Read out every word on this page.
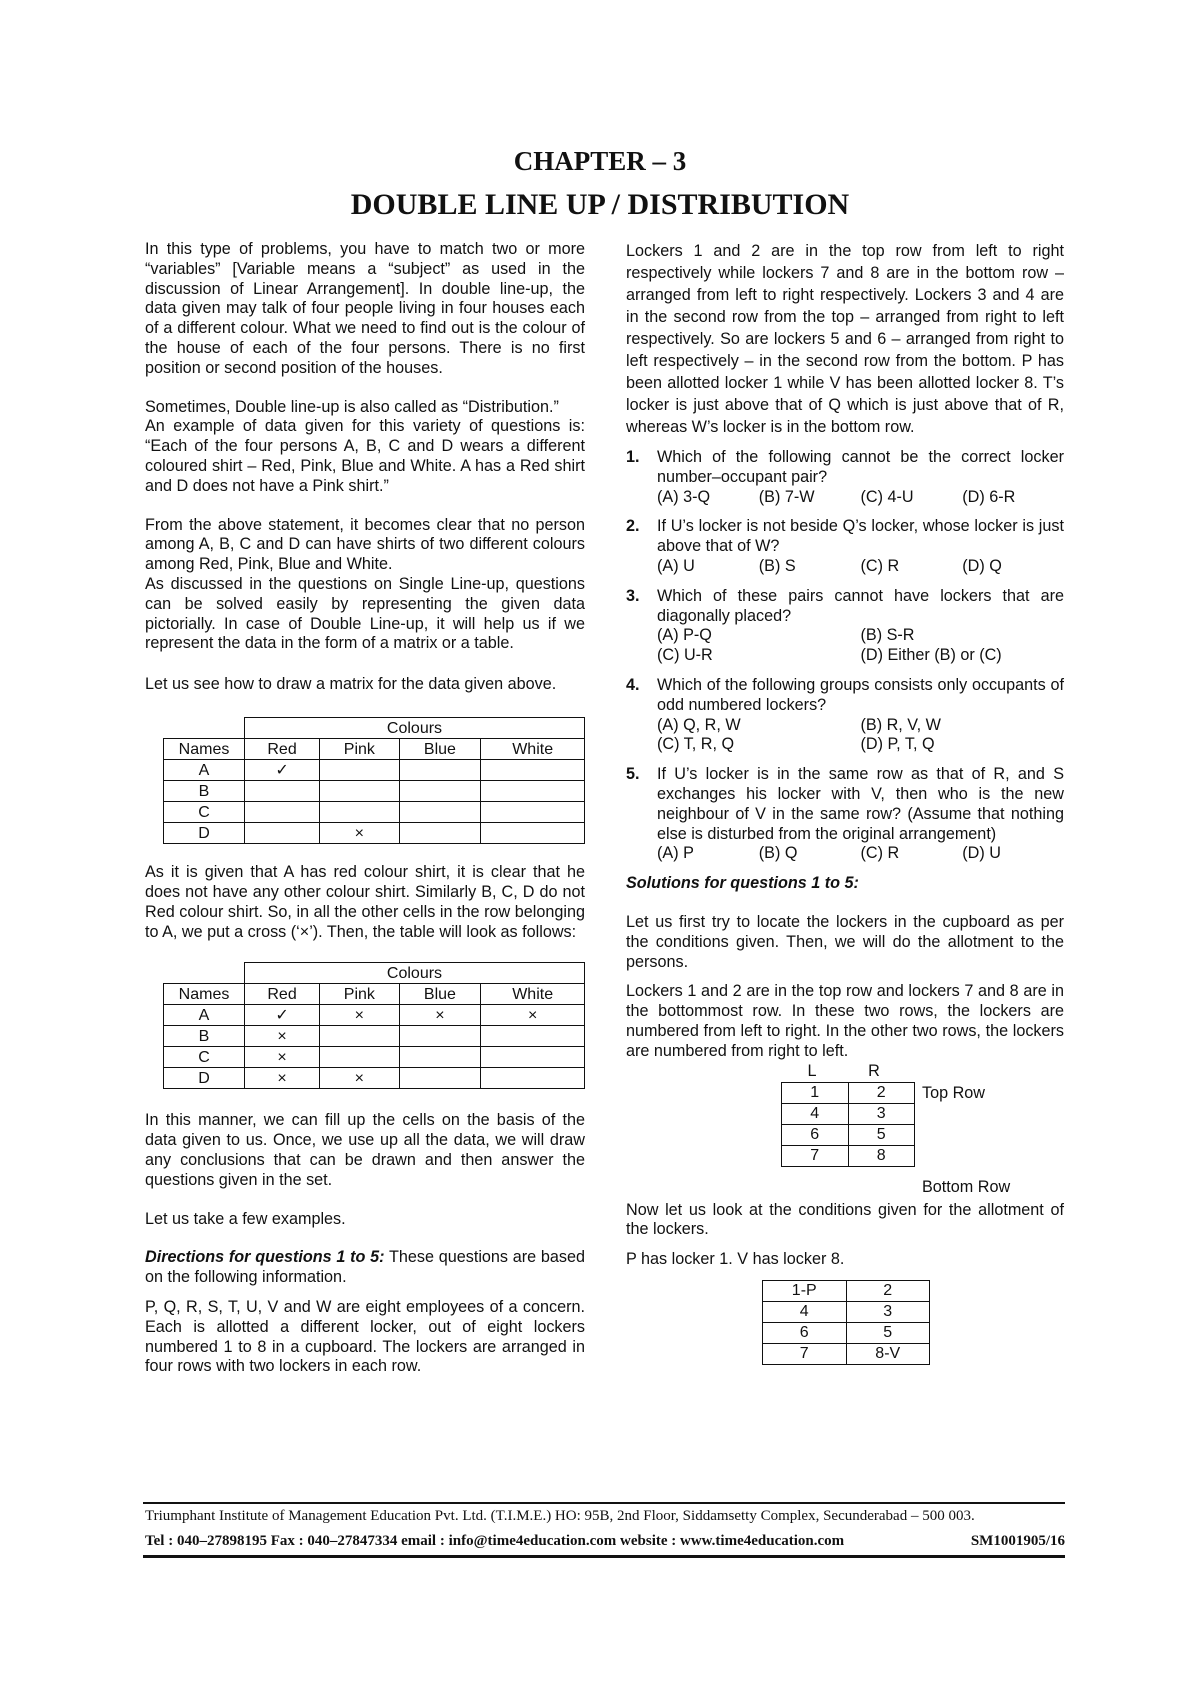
CHAPTER – 3
DOUBLE LINE UP / DISTRIBUTION

In this type of problems, you have to match two or more “variables” [Variable means a “subject” as used in the discussion of Linear Arrangement]. In double line-up, the data given may talk of four people living in four houses each of a different colour. What we need to find out is the colour of the house of each of the four persons. There is no first position or second position of the houses.

Sometimes, Double line-up is also called as “Distribution.”

An example of data given for this variety of questions is: “Each of the four persons A, B, C and D wears a different coloured shirt – Red, Pink, Blue and White. A has a Red shirt and D does not have a Pink shirt.”

From the above statement, it becomes clear that no person among A, B, C and D can have shirts of two different colours among Red, Pink, Blue and White.

As discussed in the questions on Single Line-up, questions can be solved easily by representing the given data pictorially. In case of Double Line-up, it will help us if we represent the data in the form of a matrix or a table.

Let us see how to draw a matrix for the data given above.

	Colours			
Names	Red	Pink	Blue	White
A	✓			
B				
C				
D		×		

As it is given that A has red colour shirt, it is clear that he does not have any other colour shirt. Similarly B, C, D do not Red colour shirt. So, in all the other cells in the row belonging to A, we put a cross (‘×’). Then, the table will look as follows:

	Colours			
Names	Red	Pink	Blue	White
A	✓	×	×	×
B	×			
C	×			
D	×	×		

In this manner, we can fill up the cells on the basis of the data given to us. Once, we use up all the data, we will draw any conclusions that can be drawn and then answer the questions given in the set.

Let us take a few examples.

Directions for questions 1 to 5: These questions are based on the following information.

P, Q, R, S, T, U, V and W are eight employees of a concern. Each is allotted a different locker, out of eight lockers numbered 1 to 8 in a cupboard. The lockers are arranged in four rows with two lockers in each row.

Lockers 1 and 2 are in the top row from left to right respectively while lockers 7 and 8 are in the bottom row – arranged from left to right respectively. Lockers 3 and 4 are in the second row from the top – arranged from right to left respectively. So are lockers 5 and 6 – arranged from right to left respectively – in the second row from the bottom. P has been allotted locker 1 while V has been allotted locker 8. T’s locker is just above that of Q which is just above that of R, whereas W’s locker is in the bottom row.

1.	Which of the following cannot be the correct locker number–occupant pair?
(A) 3-Q	(B) 7-W	(C) 4-U	(D) 6-R
2.	If U’s locker is not beside Q’s locker, whose locker is just above that of W?
(A) U	(B) S	(C) R	(D) Q
3.	Which of these pairs cannot have lockers that are diagonally placed?
(A) P-Q	(B) S-R
(C) U-R	(D) Either (B) or (C)
4.	Which of the following groups consists only occupants of odd numbered lockers?
(A) Q, R, W	(B) R, V, W
(C) T, R, Q	(D) P, T, Q
5.	If U’s locker is in the same row as that of R, and S exchanges his locker with V, then who is the new neighbour of V in the same row? (Assume that nothing else is disturbed from the original arrangement)
(A) P	(B) Q	(C) R	(D) U

Solutions for questions 1 to 5:

Let us first try to locate the lockers in the cupboard as per the conditions given. Then, we will do the allotment to the persons.

Lockers 1 and 2 are in the top row and lockers 7 and 8 are in the bottommost row. In these two rows, the lockers are numbered from left to right. In the other two rows, the lockers are numbered from right to left.

L	R
1	2
4	3
6	5
7	8
Top Row
Bottom Row

Now let us look at the conditions given for the allotment of the lockers.

P has locker 1. V has locker 8.

1-P	2
4	3
6	5
7	8-V
Triumphant Institute of Management Education Pvt. Ltd. (T.I.M.E.) HO: 95B, 2nd Floor, Siddamsetty Complex, Secunderabad – 500 003.
Tel : 040–27898195 Fax : 040–27847334 email : info@time4education.com website : www.time4education.com	SM1001905/16
